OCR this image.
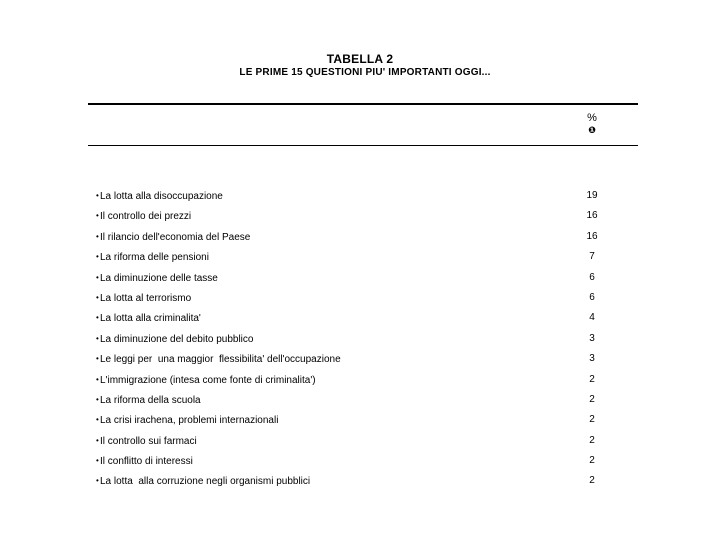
TABELLA 2
LE PRIME 15 QUESTIONI PIU' IMPORTANTI OGGI...
%
❶
•La lotta alla disoccupazione	19
•Il controllo dei prezzi	16
•Il rilancio dell'economia del Paese	16
•La riforma delle pensioni	7
•La diminuzione delle tasse	6
•La lotta al terrorismo	6
•La lotta alla criminalita'	4
•La diminuzione del debito pubblico	3
•Le leggi per  una maggior  flessibilita' dell'occupazione	3
•L'immigrazione (intesa come fonte di criminalita')	2
•La riforma della scuola	2
•La crisi irachena, problemi internazionali	2
•Il controllo sui farmaci	2
•Il conflitto di interessi	2
•La lotta  alla corruzione negli organismi pubblici	2
